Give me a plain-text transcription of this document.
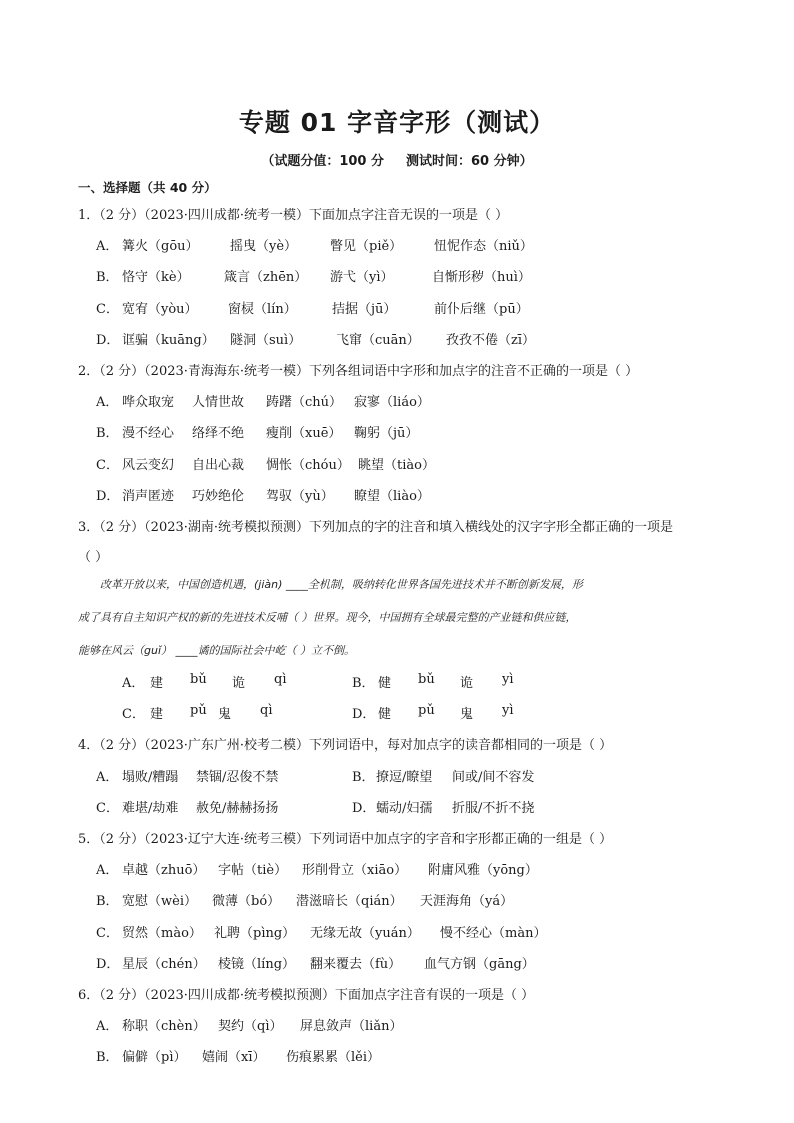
专题 01 字音字形（测试）
（试题分值：100 分 测试时间：60 分钟）
一、选择题（共 40 分）
1．（2 分）（2023·四川成都·统考一模）下面加点字注音无误的一项是（ ）
A． 篝火（gōu） 摇曳（yè）	瞥见（piě） 忸怩作态（niǔ）
B． 恪守（kè）	箴言（zhēn） 游弋（yì）	自惭形秽（huì）
C． 宽宥（yòu） 窗棂（lín）	拮据（jū）	前仆后继（pū）
D． 诓骗（kuāng） 隧洞（suì）	飞窜（cuān） 孜孜不倦（zī）
2．（2 分）（2023·青海海东·统考一模）下列各组词语中字形和加点字的注音不正确的一项是（ ）
A． 哗众取宠 人情世故 踌躇（chú） 寂寥（liáo）
B． 漫不经心 络绎不绝 瘦削（xuē） 鞠躬（jū）
C． 风云变幻 自出心裁 惆怅（chóu） 眺望（tiào）
D． 消声匿迹 巧妙绝伦 驾驭（yù） 瞭望（liào）
3．（2 分）（2023·湖南·统考模拟预测）下列加点的字的注音和填入横线处的汉字字形全都正确的一项是
（ ）

改革开放以来，中国创造机遇，(jiàn) ____全机制，吸纳转化世界各国先进技术并不断创新发展，形

成了具有自主知识产权的新的先进技术反哺（ ）世界。现今，中国拥有全球最完整的产业链和供应链，

能够在风云（guǐ） ____谲的国际社会中屹（ ）立不倒。

A． 建 bǔ 诡 qì	B． 健 bǔ 诡 yì
C． 建 pǔ 鬼 qì	D． 健 pǔ 鬼 yì
4．（2 分）（2023·广东广州·校考二模）下列词语中，每对加点字的读音都相同的一项是（ ）
A． 塌败/糟蹋 禁锢/忍俊不禁	B． 撩逗/瞭望 间或/间不容发
C． 难堪/劫难 赦免/赫赫扬扬	D． 蠕动/妇孺 折服/不折不挠
5．（2 分）（2023·辽宁大连·统考三模）下列词语中加点字的字音和字形都正确的一组是（ ）
A． 卓越（zhuō） 字帖（tiè） 形削骨立（xiāo） 附庸风雅（yōng）
B． 宽慰（wèi） 微薄（bó） 潜滋暗长（qián） 天涯海角（yá）
C． 贸然（mào） 礼聘（pìng） 无缘无故（yuán） 慢不经心（màn）
D． 星辰（chén） 棱镜（líng） 翻来覆去（fù） 血气方钢（gāng）
6．（2 分）（2023·四川成都·统考模拟预测）下面加点字注音有误的一项是（ ）
A． 称职（chèn） 契约（qì） 屏息敛声（liǎn）
B． 偏僻（pì） 嬉闹（xī） 伤痕累累（lěi）
